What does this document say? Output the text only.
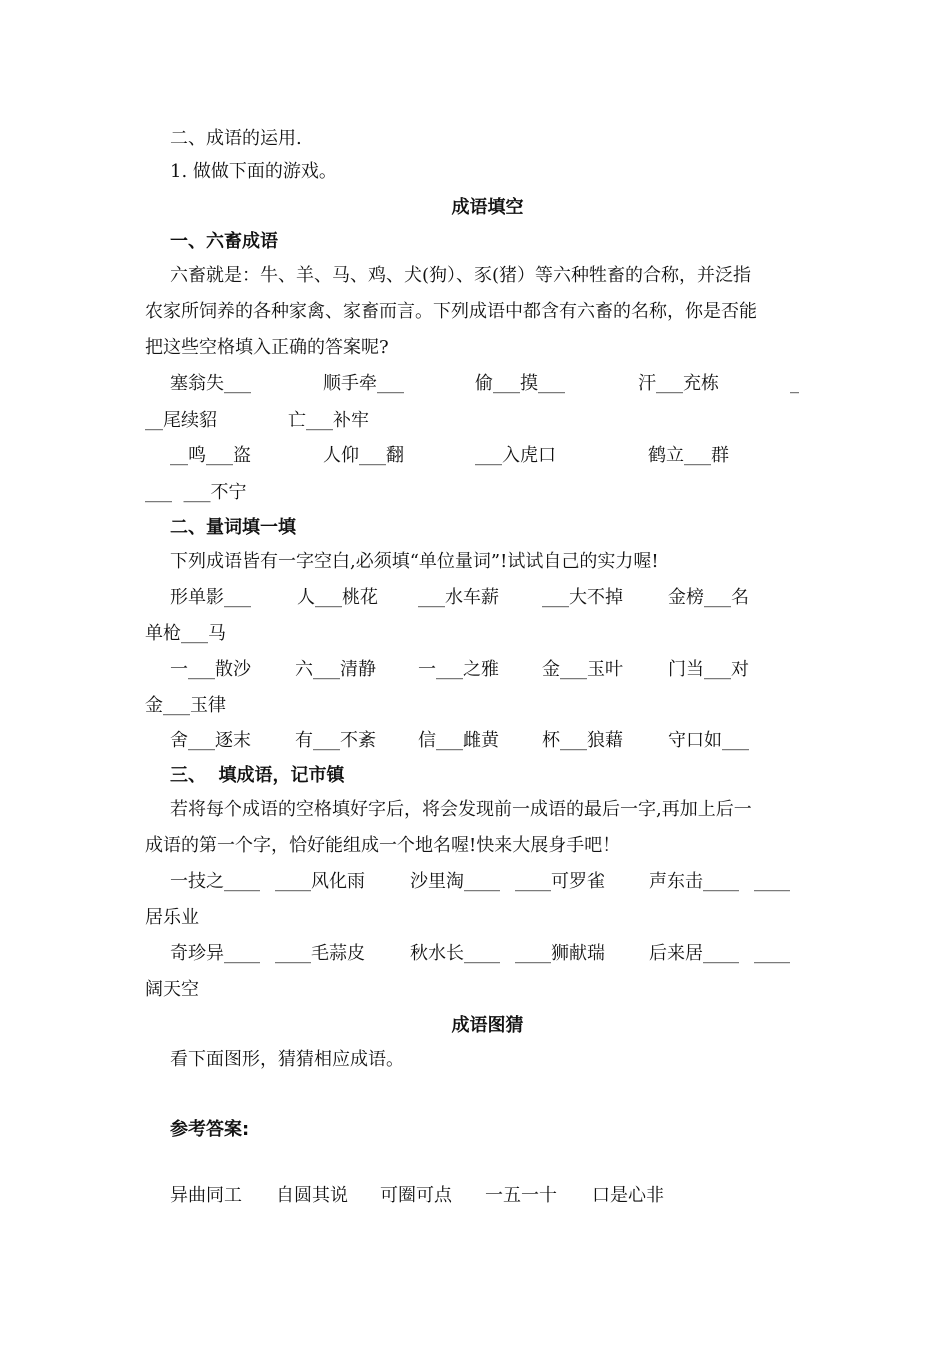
二、成语的运用.
1. 做做下面的游戏。
成语填空
一、六畜成语
六畜就是：牛、羊、马、鸡、犬(狗）、豕(猪）等六种牲畜的合称，并泛指
农家所饲养的各种家禽、家畜而言。下列成语中都含有六畜的名称，你是否能
把这些空格填入正确的答案呢?

塞翁失___

	顺手牵___

	偷___摸___

	汗___充栋

	_

__尾续貂

	亡___补牢

__鸣___盗

	人仰___翻

	___入虎口

	鹤立___群

___  ___不宁

二、量词填一填
下列成语皆有一字空白,必须填“单位量词”!试试自己的实力喔!

形单影___

	人___桃花

___水车薪

___大不掉

	金榜___名

单枪___马

一___散沙

六___清静

一___之雅

金___玉叶

	门当___对

金___玉律

舍___逐末

有___不紊

信___雌黄

杯___狼藉

	守口如___

三、  填成语，记市镇
若将每个成语的空格填好字后，将会发现前一成语的最后一字,再加上后一
成语的第一个字，恰好能组成一个地名喔!快来大展身手吧！

一技之____

____风化雨

	沙里淘____

____可罗雀

声东击____

____

居乐业

奇珍异____

____毛蒜皮

	秋水长____

____狮献瑞

后来居____

____

阔天空
成语图猜
看下面图形，猜猜相应成语。
参考答案:

异曲同工

自圆其说

可圈可点

一五一十

口是心非
